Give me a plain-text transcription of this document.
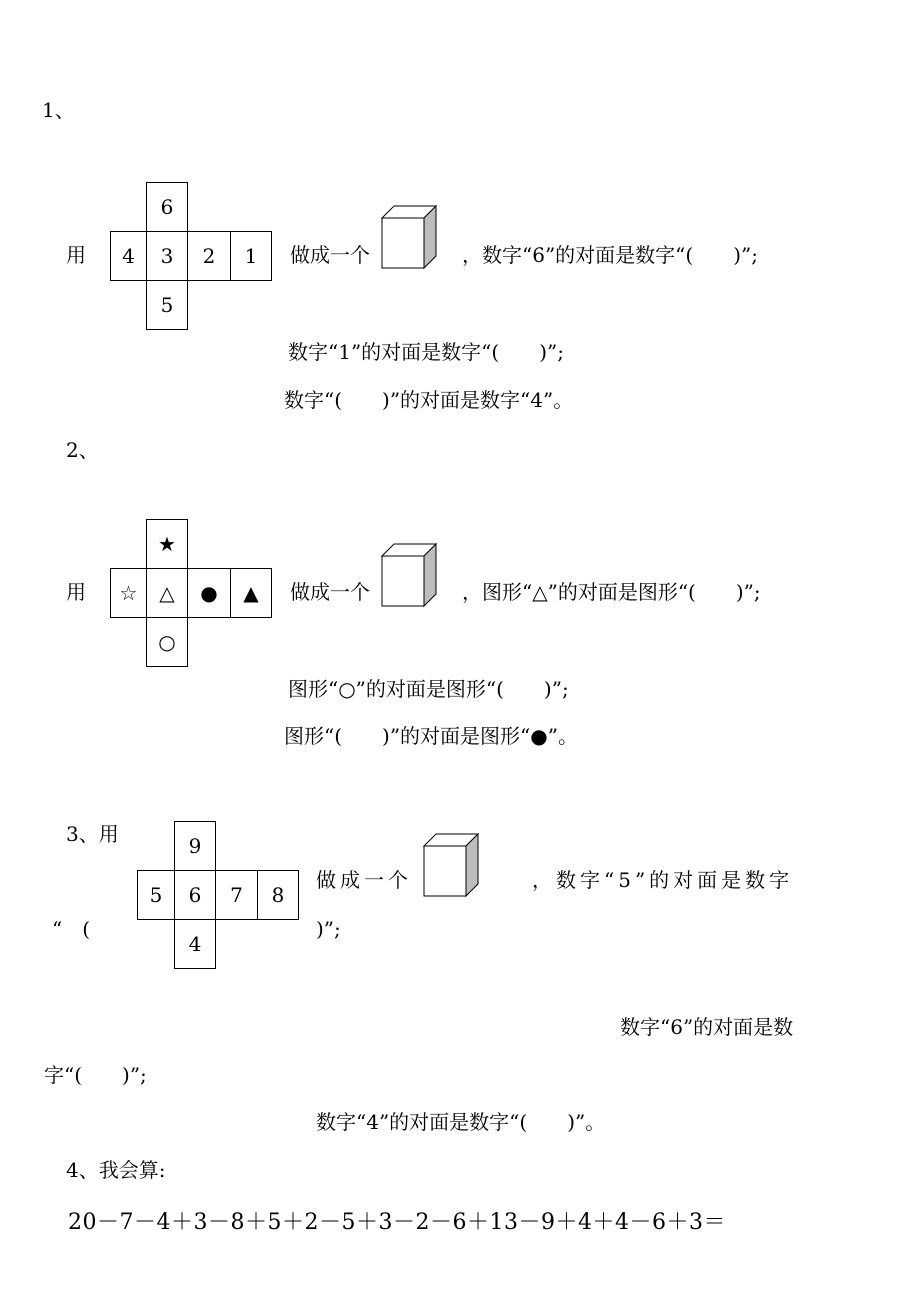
1、
用
6
4	3	2	1
5
做成一个	，数字“6”的对面是数字“(　　)”;
数字“1”的对面是数字“(　　)”;
数字“(　　)”的对面是数字“4”。
2、
用
★
☆	△	●	▲
○
做成一个	，图形“△”的对面是图形“(　　)”;
图形“○”的对面是图形“(　　)”;
图形“(　　)”的对面是图形“●”。
3、用	9
5	6	7	8
4
做成一个	，数字“5”的对面是数字
“　(	)”;
数字“6”的对面是数
字“(　　)”;
数字“4”的对面是数字“(　　)”。
4、我会算:
20－7－4＋3－8＋5＋2－5＋3－2－6＋13－9＋4＋4－6＋3＝
